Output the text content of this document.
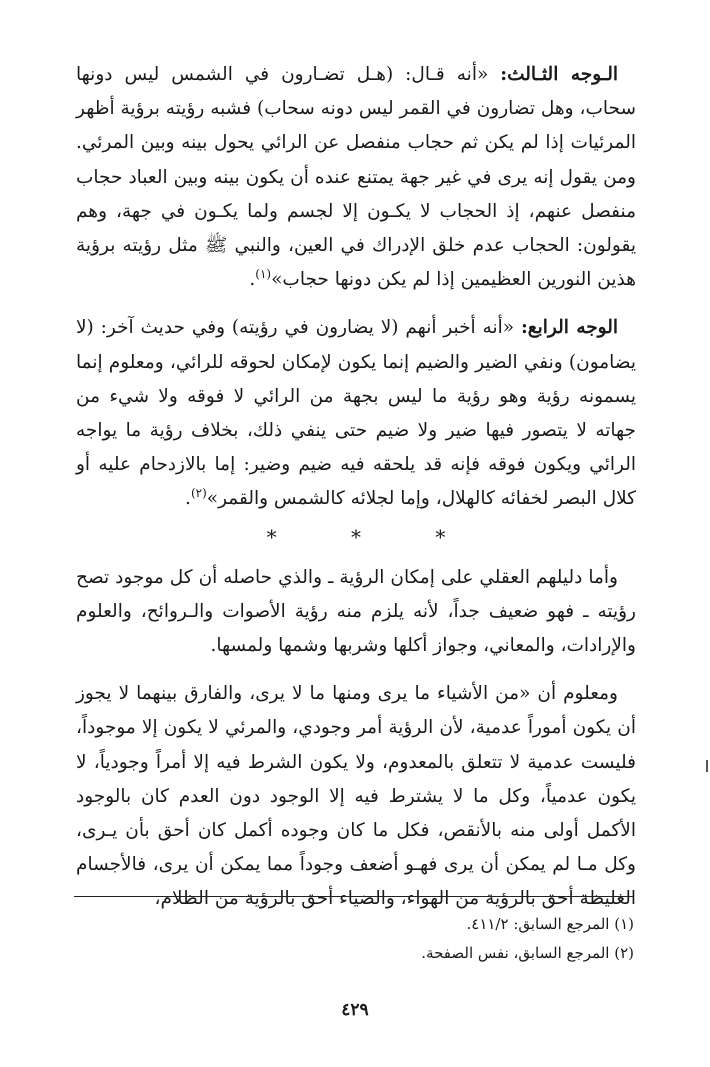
الـوجه الثـالث: «أنه قـال: (هـل تضـارون في الشمس ليس دونها سحاب، وهل تضارون في القمر ليس دونه سحاب) فشبه رؤيته برؤية أظهر المرئيات إذا لم يكن ثم حجاب منفصل عن الرائي يحول بينه وبين المرئي. ومن يقول إنه يرى في غير جهة يمتنع عنده أن يكون بينه وبين العباد حجاب منفصل عنهم، إذ الحجاب لا يكـون إلا لجسم ولما يكـون في جهة، وهم يقولون: الحجاب عدم خلق الإدراك في العين، والنبي ﷺ مثل رؤيته برؤية هذين النورين العظيمين إذا لم يكن دونها حجاب»$^{(١)}$.

الوجه الرابع: «أنه أخبر أنهم (لا يضارون في رؤيته) وفي حديث آخر: (لا يضامون) ونفي الضير والضيم إنما يكون لإمكان لحوقه للرائي، ومعلوم إنما يسمونه رؤية وهو رؤية ما ليس بجهة من الرائي لا فوقه ولا شيء من جهاته لا يتصور فيها ضير ولا ضيم حتى ينفي ذلك، بخلاف رؤية ما يواجه الرائي ويكون فوقه فإنه قد يلحقه فيه ضيم وضير: إما بالازدحام عليه أو كلال البصر لخفائه كالهلال، وإما لجلائه كالشمس والقمر»$^{(٢)}$.

* * *

وأما دليلهم العقلي على إمكان الرؤية ـ والذي حاصله أن كل موجود تصح رؤيته ـ فهو ضعيف جداً، لأنه يلزم منه رؤية الأصوات والـروائح، والعلوم والإرادات، والمعاني، وجواز أكلها وشربها وشمها ولمسها.

ومعلوم أن «من الأشياء ما يرى ومنها ما لا يرى، والفارق بينهما لا يجوز أن يكون أموراً عدمية، لأن الرؤية أمر وجودي، والمرئي لا يكون إلا موجوداً، فليست عدمية لا تتعلق بالمعدوم، ولا يكون الشرط فيه إلا أمراً وجودياً، لا يكون عدمياً، وكل ما لا يشترط فيه إلا الوجود دون العدم كان بالوجود الأكمل أولى منه بالأنقص، فكل ما كان وجوده أكمل كان أحق بأن يـرى، وكل مـا لم يمكن أن يرى فهـو أضعف وجوداً مما يمكن أن يرى، فالأجسام الغليظة أحق بالرؤية من الهواء، والضياء أحق بالرؤية من الظلام،

(١) المرجع السابق: ٤١١/٢.
(٢) المرجع السابق، نفس الصفحة.
٤٢٩
